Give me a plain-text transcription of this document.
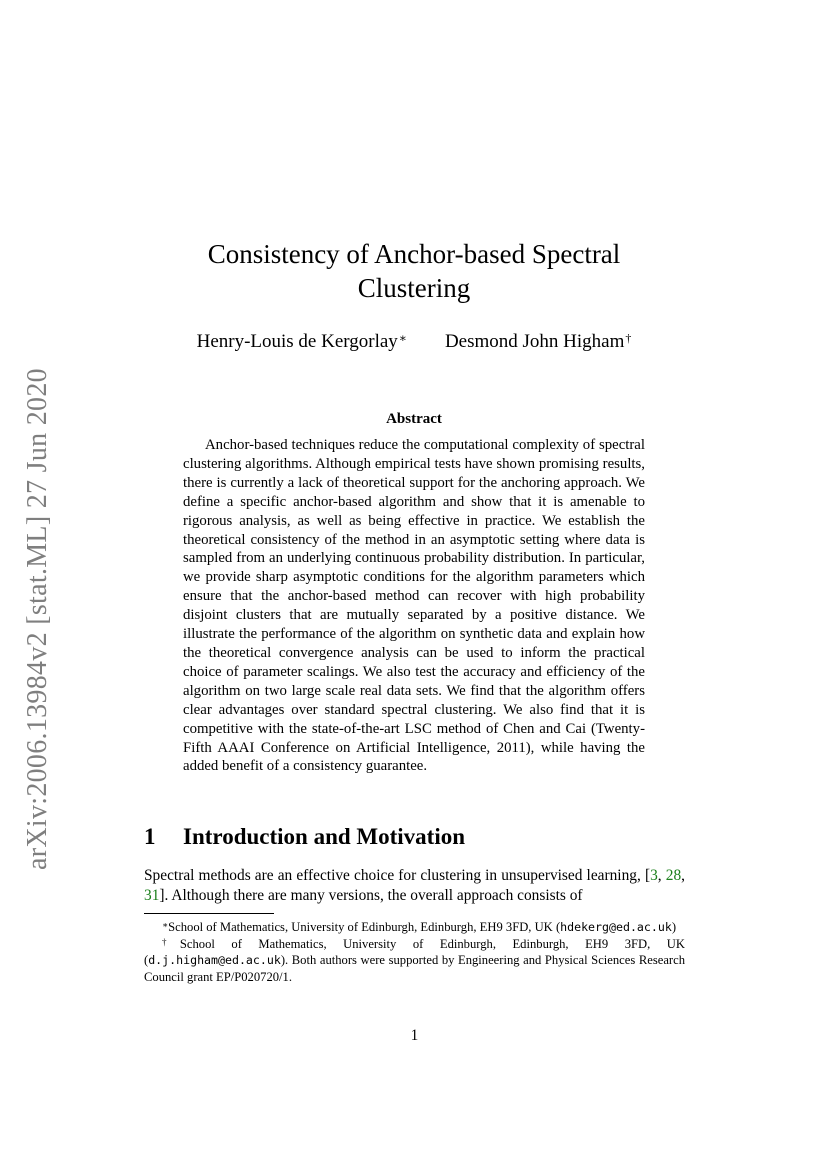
arXiv:2006.13984v2 [stat.ML] 27 Jun 2020
Consistency of Anchor-based Spectral Clustering
Henry-Louis de Kergorlay∗ Desmond John Higham†
Abstract
Anchor-based techniques reduce the computational complexity of spectral clustering algorithms. Although empirical tests have shown promising results, there is currently a lack of theoretical support for the anchoring approach. We define a specific anchor-based algorithm and show that it is amenable to rigorous analysis, as well as being effective in practice. We establish the theoretical consistency of the method in an asymptotic setting where data is sampled from an underlying continuous probability distribution. In particular, we provide sharp asymptotic conditions for the algorithm parameters which ensure that the anchor-based method can recover with high probability disjoint clusters that are mutually separated by a positive distance. We illustrate the performance of the algorithm on synthetic data and explain how the theoretical convergence analysis can be used to inform the practical choice of parameter scalings. We also test the accuracy and efficiency of the algorithm on two large scale real data sets. We find that the algorithm offers clear advantages over standard spectral clustering. We also find that it is competitive with the state-of-the-art LSC method of Chen and Cai (Twenty-Fifth AAAI Conference on Artificial Intelligence, 2011), while having the added benefit of a consistency guarantee.
1 Introduction and Motivation
Spectral methods are an effective choice for clustering in unsupervised learning, [3, 28, 31]. Although there are many versions, the overall approach consists of

∗School of Mathematics, University of Edinburgh, Edinburgh, EH9 3FD, UK (hdekerg@ed.ac.uk)

†School of Mathematics, University of Edinburgh, Edinburgh, EH9 3FD, UK (d.j.higham@ed.ac.uk). Both authors were supported by Engineering and Physical Sciences Research Council grant EP/P020720/1.

1
